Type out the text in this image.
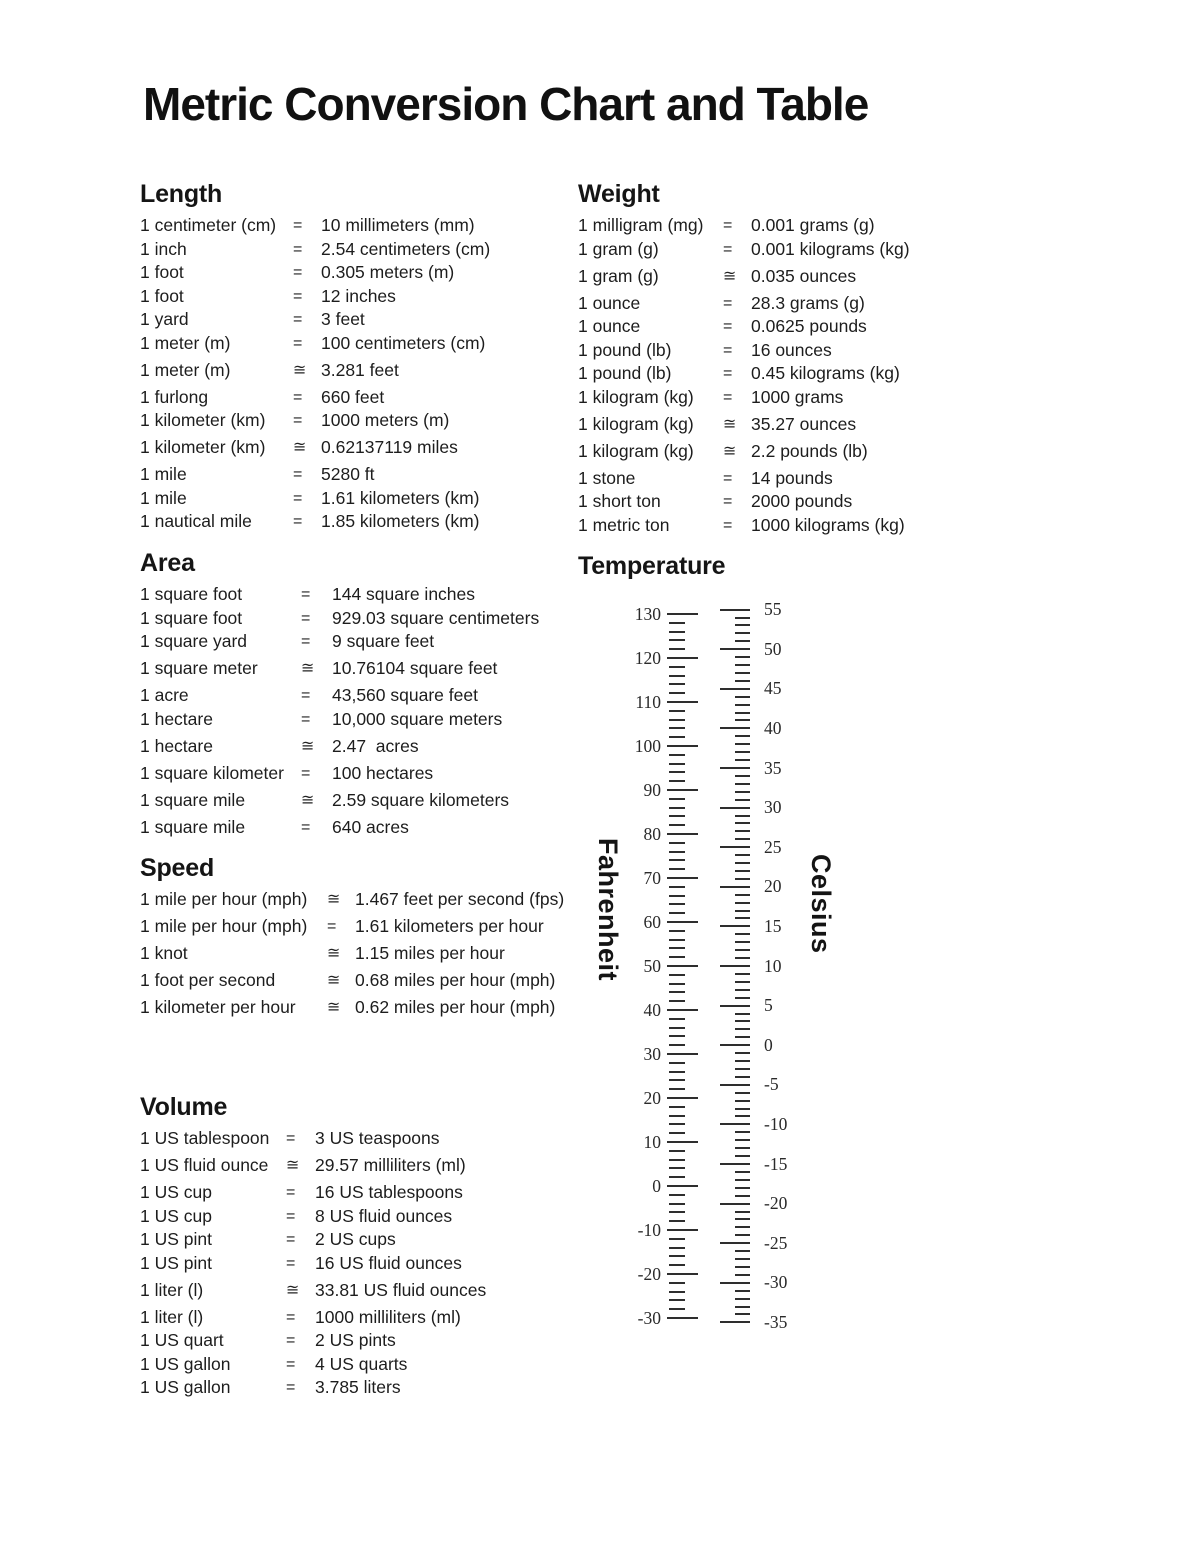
Metric Conversion Chart and Table
Length
1 centimeter (cm)	=	10 millimeters (mm)
1 inch	=	2.54 centimeters (cm)
1 foot	=	0.305 meters (m)
1 foot	=	12 inches
1 yard	=	3 feet
1 meter (m)	=	100 centimeters (cm)
1 meter (m)	≅ 3.281 feet
1 furlong	=	660 feet
1 kilometer (km)	=	1000 meters (m)
1 kilometer (km)	≅ 0.62137119 miles
1 mile	=	5280 ft
1 mile	=	1.61 kilometers (km)
1 nautical mile	=	1.85 kilometers (km)
Weight
1 milligram (mg)	=	0.001 grams (g)
1 gram (g)	=	0.001 kilograms (kg)
1 gram (g)	≅ 0.035 ounces
1 ounce	=	28.3 grams (g)
1 ounce	=	0.0625 pounds
1 pound (lb)	=	16 ounces
1 pound (lb)	=	0.45 kilograms (kg)
1 kilogram (kg)	=	1000 grams
1 kilogram (kg)	≅ 35.27 ounces
1 kilogram (kg)	≅ 2.2 pounds (lb)
1 stone	=	14 pounds
1 short ton	=	2000 pounds
1 metric ton	=	1000 kilograms (kg)
Area
1 square foot	=	144 square inches
1 square foot	=	929.03 square centimeters
1 square yard	=	9 square feet
1 square meter	≅	10.76104 square feet
1 acre	=	43,560 square feet
1 hectare	=	10,000 square meters
1 hectare	≅	2.47  acres
1 square kilometer	=	100 hectares
1 square mile	≅	2.59 square kilometers
1 square mile	=	640 acres
Speed
1 mile per hour (mph)	≅ 1.467 feet per second (fps)
1 mile per hour (mph)	=	1.61 kilometers per hour
1 knot	≅ 1.15 miles per hour
1 foot per second	≅ 0.68 miles per hour (mph)
1 kilometer per hour	≅ 0.62 miles per hour (mph)
Volume
1 US tablespoon	=	3 US teaspoons
1 US fluid ounce	≅ 29.57 milliliters (ml)
1 US cup	=	16 US tablespoons
1 US cup	=	8 US fluid ounces
1 US pint	=	2 US cups
1 US pint	=	16 US fluid ounces
1 liter (l)	≅ 33.81 US fluid ounces
1 liter (l)	=	1000 milliliters (ml)
1 US quart	=	2 US pints
1 US gallon	=	4 US quarts
1 US gallon	=	3.785 liters
Temperature
Fahrenheit	Celsius
130
120
110
100
90
80
70
60
50
40
30
20
10
0
-10
-20
-30
55
50
45
40
35
30
25
20
15
10
5
0
-5
-10
-15
-20
-25
-30
-35
